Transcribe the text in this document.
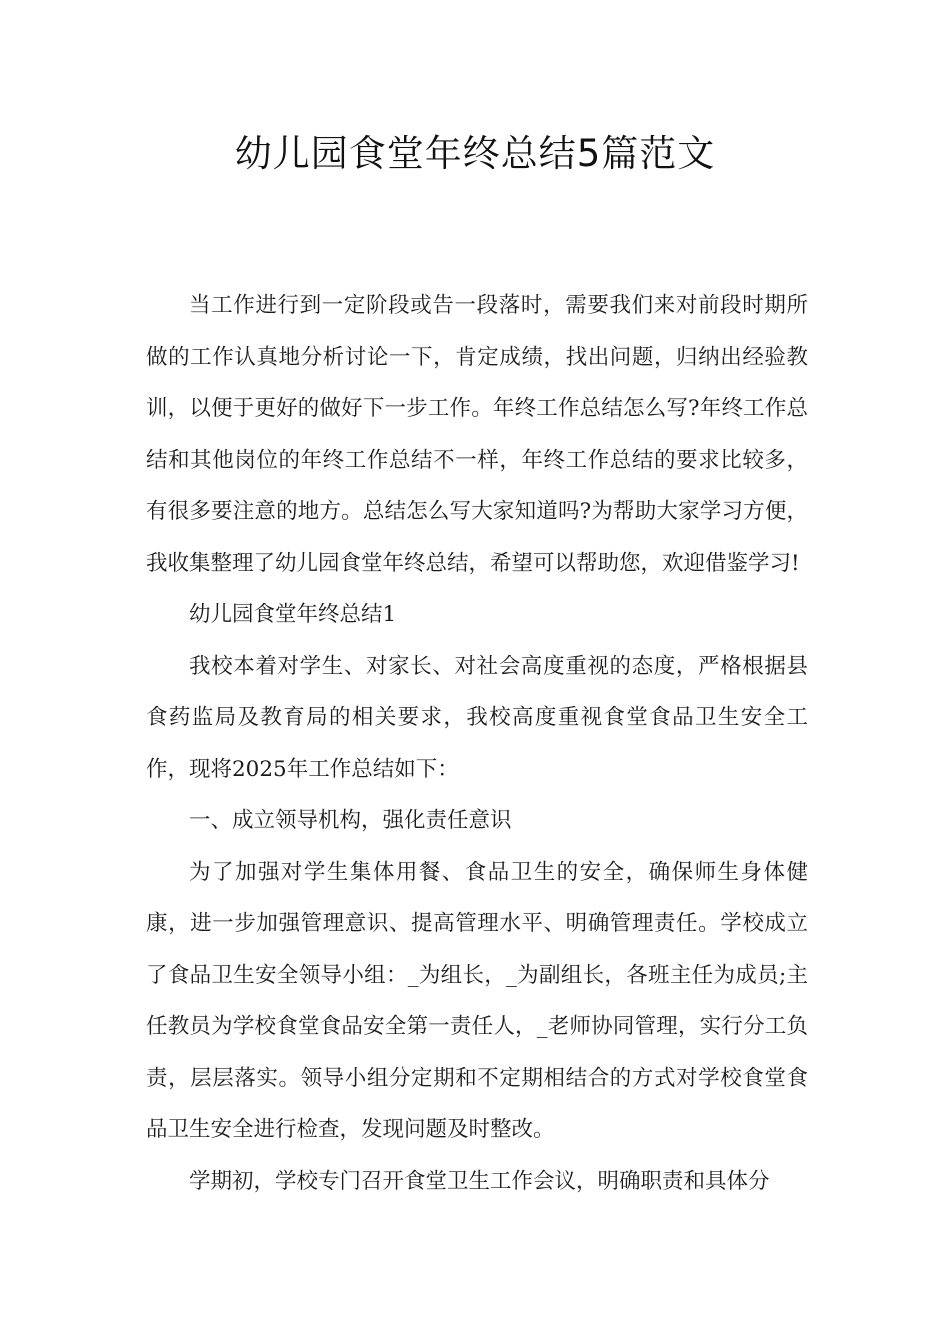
幼儿园食堂年终总结5篇范文

当工作进行到一定阶段或告一段落时，需要我们来对前段时期所做的工作认真地分析讨论一下，肯定成绩，找出问题，归纳出经验教训，以便于更好的做好下一步工作。年终工作总结怎么写?年终工作总结和其他岗位的年终工作总结不一样，年终工作总结的要求比较多，有很多要注意的地方。总结怎么写大家知道吗?为帮助大家学习方便，我收集整理了幼儿园食堂年终总结，希望可以帮助您，欢迎借鉴学习!

幼儿园食堂年终总结1

我校本着对学生、对家长、对社会高度重视的态度，严格根据县食药监局及教育局的相关要求，我校高度重视食堂食品卫生安全工作，现将2025年工作总结如下：

一、成立领导机构，强化责任意识

为了加强对学生集体用餐、食品卫生的安全，确保师生身体健康，进一步加强管理意识、提高管理水平、明确管理责任。学校成立了食品卫生安全领导小组：_为组长，_为副组长，各班主任为成员;主任教员为学校食堂食品安全第一责任人，_老师协同管理，实行分工负责，层层落实。领导小组分定期和不定期相结合的方式对学校食堂食品卫生安全进行检查，发现问题及时整改。

学期初，学校专门召开食堂卫生工作会议，明确职责和具体分
